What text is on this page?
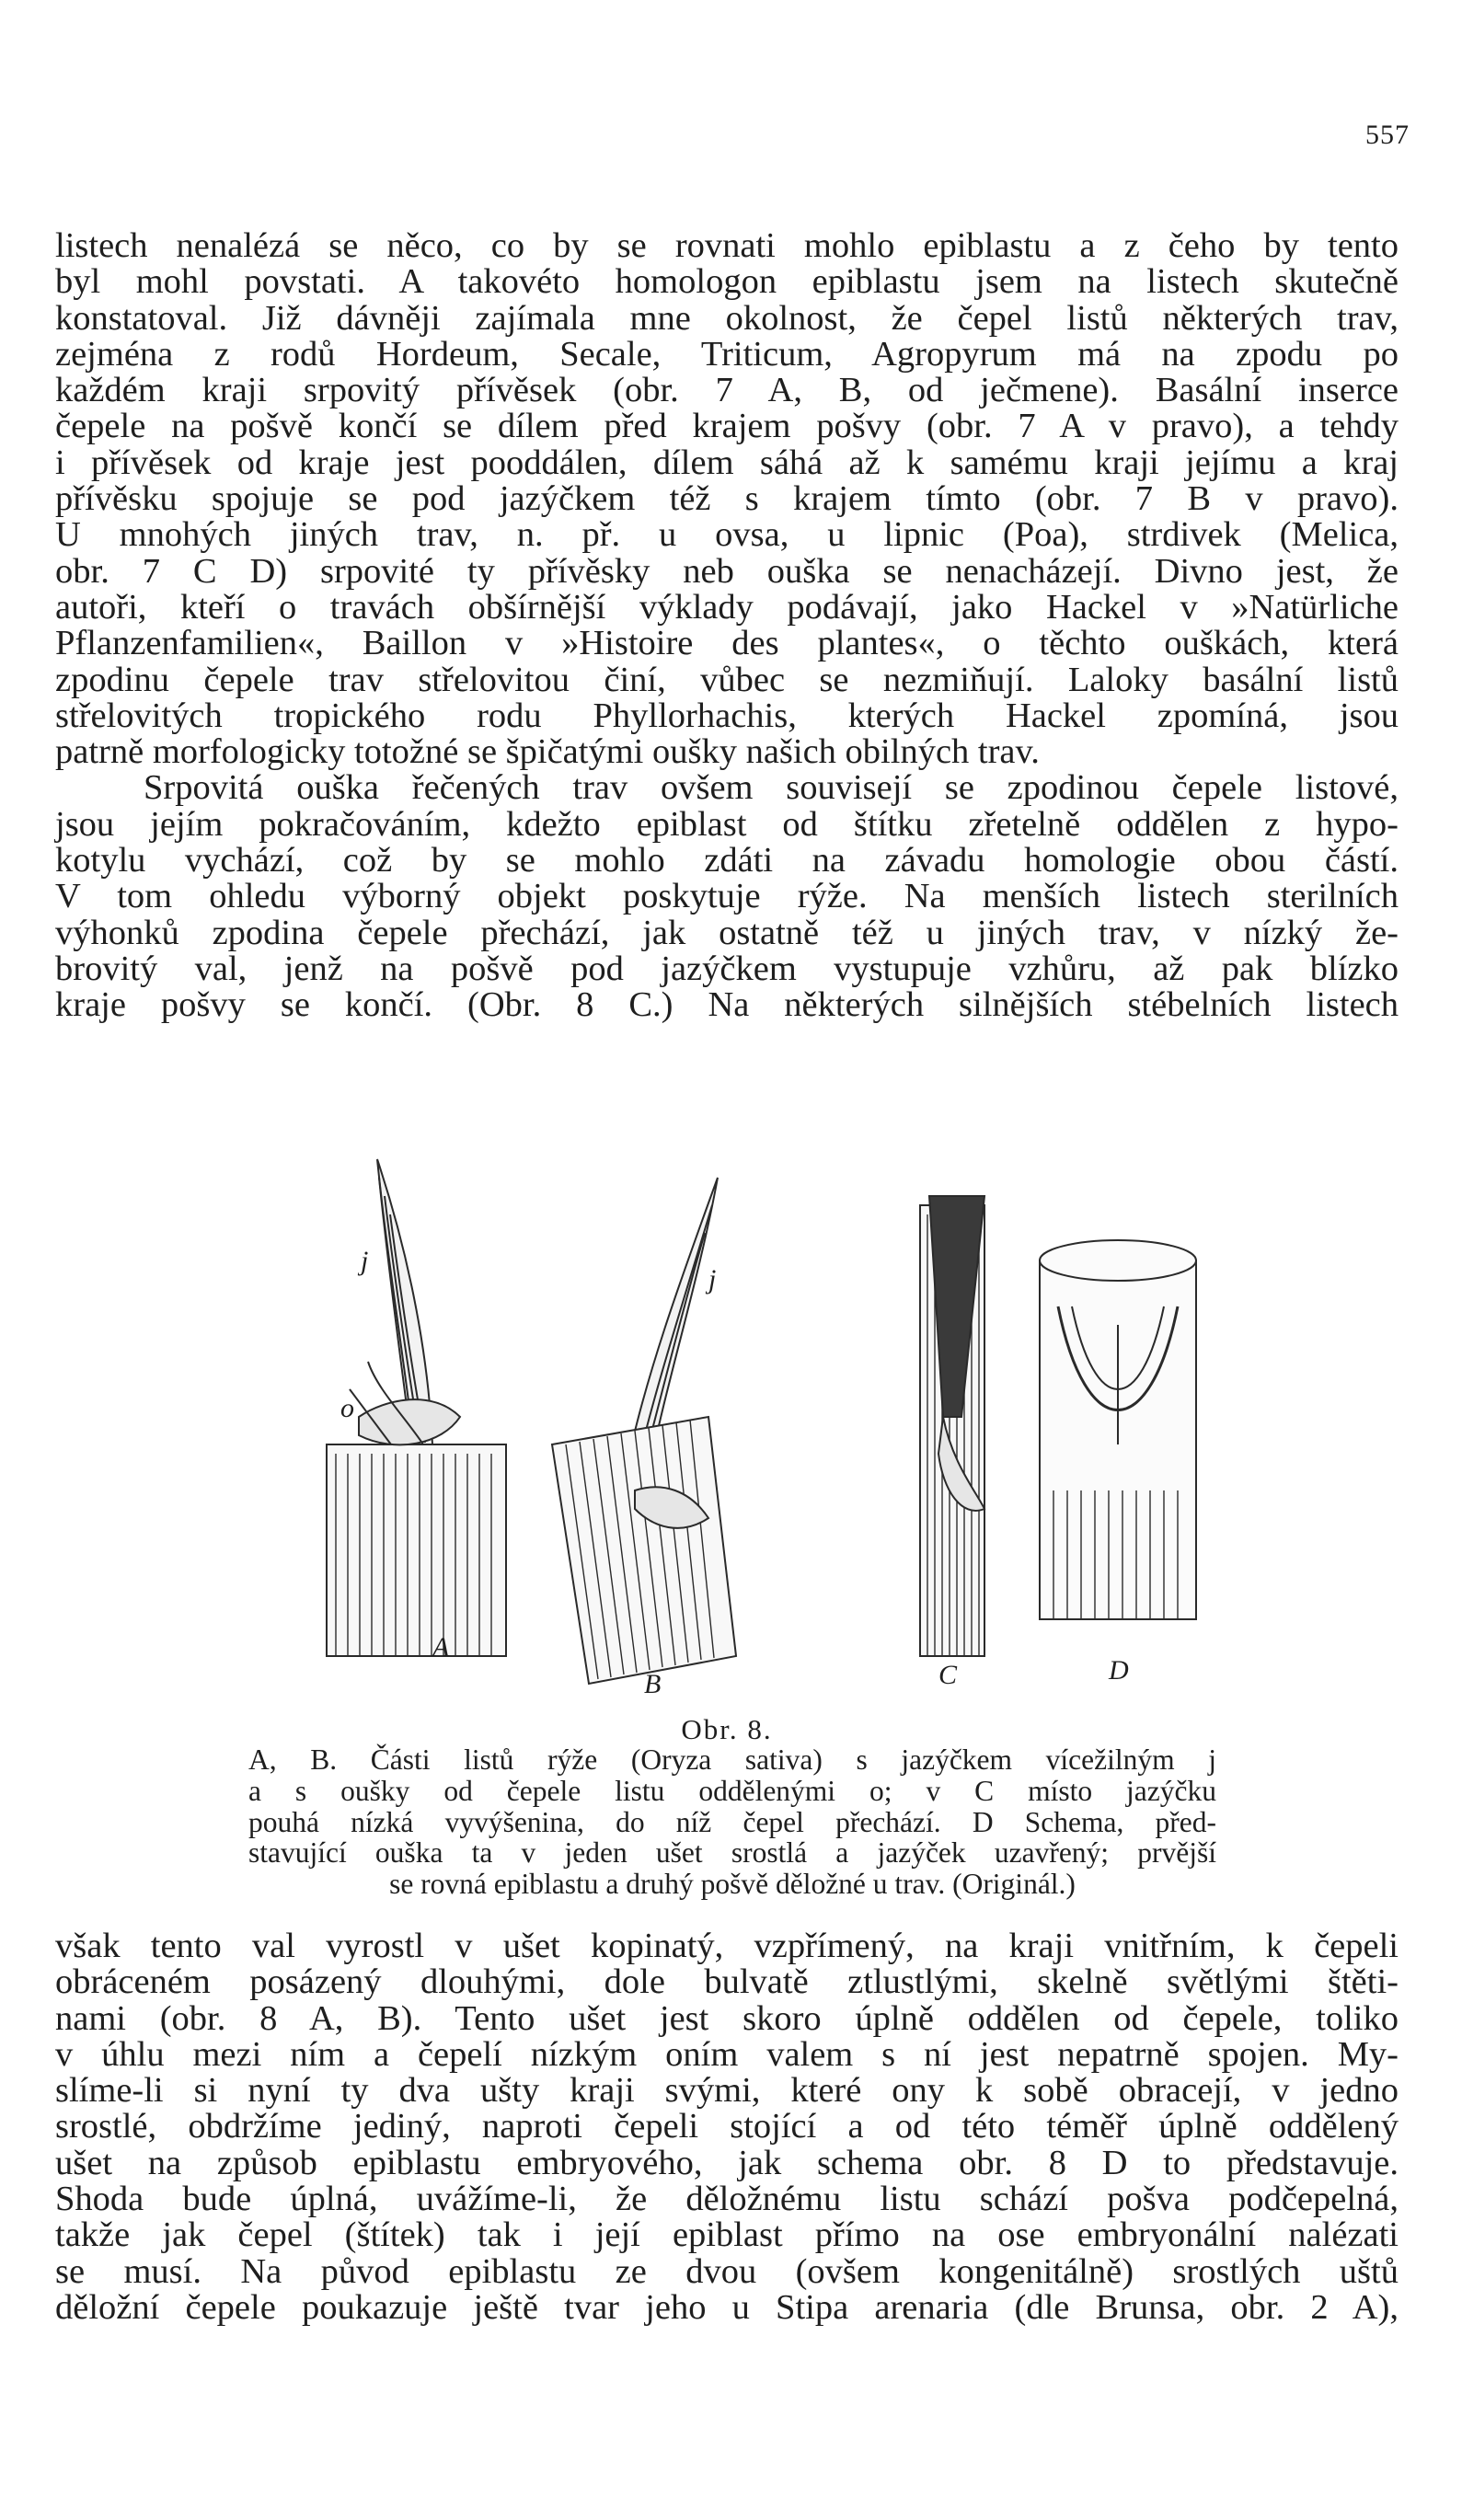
557

listech nenalézá se něco, co by se rovnati mohlo epiblastu a z čeho by tento

byl mohl povstati. A takovéto homologon epiblastu jsem na listech skutečně

konstatoval. Již dávněji zajímala mne okolnost, že čepel listů některých trav,

zejména z rodů Hordeum, Secale, Triticum, Agropyrum má na zpodu po

každém kraji srpovitý přívěsek (obr. 7 A, B, od ječmene). Basální inserce

čepele na pošvě končí se dílem před krajem pošvy (obr. 7 A v pravo), a tehdy

i přívěsek od kraje jest pooddálen, dílem sáhá až k samému kraji jejímu a kraj

přívěsku spojuje se pod jazýčkem též s krajem tímto (obr. 7 B v pravo).

U mnohých jiných trav, n. př. u ovsa, u lipnic (Poa), strdivek (Melica,

obr. 7 C D) srpovité ty přívěsky neb ouška se nenacházejí. Divno jest, že

autoři, kteří o travách obšírnější výklady podávají, jako Hackel v »Natürliche

Pflanzenfamilien«, Baillon v »Histoire des plantes«, o těchto ouškách, která

zpodinu čepele trav střelovitou činí, vůbec se nezmiňují. Laloky basální listů

střelovitých tropického rodu Phyllorhachis, kterých Hackel zpomíná, jsou

patrně morfologicky totožné se špičatými oušky našich obilných trav.

Srpovitá ouška řečených trav ovšem souvisejí se zpodinou čepele listové,

jsou jejím pokračováním, kdežto epiblast od štítku zřetelně oddělen z hypo-

kotylu vychází, což by se mohlo zdáti na závadu homologie obou částí.

V tom ohledu výborný objekt poskytuje rýže. Na menších listech sterilních

výhonků zpodina čepele přechází, jak ostatně též u jiných trav, v nízký že-

brovitý val, jenž na pošvě pod jazýčkem vystupuje vzhůru, až pak blízko

kraje pošvy se končí. (Obr. 8 C.) Na některých silnějších stébelních listech

j
o
j
A
B	C	D
Obr. 8.

A, B. Části listů rýže (Oryza sativa) s jazýčkem vícežilným j

a s oušky od čepele listu oddělenými o; v C místo jazýčku

pouhá nízká vyvýšenina, do níž čepel přechází. D Schema, před-

stavující ouška ta v jeden ušet srostlá a jazýček uzavřený; prvější

se rovná epiblastu a druhý pošvě děložné u trav. (Originál.)

však tento val vyrostl v ušet kopinatý, vzpřímený, na kraji vnitřním, k čepeli

obráceném posázený dlouhými, dole bulvatě ztlustlými, skelně světlými štěti-

nami (obr. 8 A, B). Tento ušet jest skoro úplně oddělen od čepele, toliko

v úhlu mezi ním a čepelí nízkým oním valem s ní jest nepatrně spojen. My-

slíme-li si nyní ty dva ušty kraji svými, které ony k sobě obracejí, v jedno

srostlé, obdržíme jediný, naproti čepeli stojící a od této téměř úplně oddělený

ušet na způsob epiblastu embryového, jak schema obr. 8 D to představuje.

Shoda bude úplná, uvážíme-li, že děložnému listu schází pošva podčepelná,

takže jak čepel (štítek) tak i její epiblast přímo na ose embryonální nalézati

se musí. Na původ epiblastu ze dvou (ovšem kongenitálně) srostlých uštů

děložní čepele poukazuje ještě tvar jeho u Stipa arenaria (dle Brunsa, obr. 2 A),
